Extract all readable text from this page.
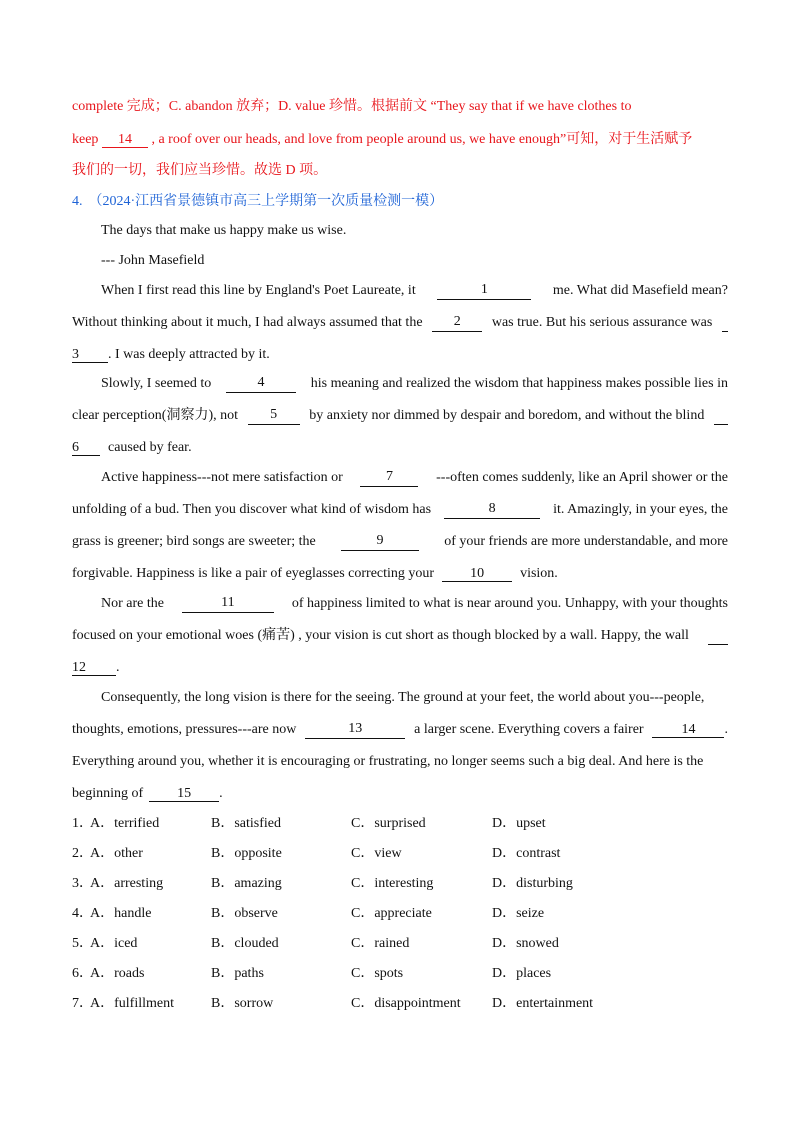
complete 完成；C. abandon 放弃；D. value 珍惜。根据前文 “They say that if we have clothes to
keep 14 , a roof over our heads, and love from people around us, we have enough”可知，对于生活赋予
我们的一切，我们应当珍惜。故选 D 项。
4. （2024·江西省景德镇市高三上学期第一次质量检测一模）
The days that make us happy make us wise.
--- John Masefield
When I first read this line by England's Poet Laureate, it	1	me. What did Masefield mean?
Without thinking about it much, I had always assumed that the	2	was true. But his serious assurance was
3 . I was deeply attracted by it.
Slowly, I seemed to	4	his meaning and realized the wisdom that happiness makes possible lies in
clear perception(洞察力), not	5	by anxiety nor dimmed by despair and boredom, and without the blind
6 caused by fear.
Active happiness---not mere satisfaction or	7	---often comes suddenly, like an April shower or the
unfolding of a bud. Then you discover what kind of wisdom has	8	it. Amazingly, in your eyes, the
grass is greener; bird songs are sweeter; the	9	of your friends are more understandable, and more
forgivable. Happiness is like a pair of eyeglasses correcting your	10	vision.
Nor are the	11	of happiness limited to what is near around you. Unhappy, with your thoughts
focused on your emotional woes (痛苦) , your vision is cut short as though blocked by a wall. Happy, the wall
12 .
Consequently, the long vision is there for the seeing. The ground at your feet, the world about you---people,
thoughts, emotions, pressures---are now	13	a larger scene. Everything covers a fairer	14 .
Everything around you, whether it is encouraging or frustrating, no longer seems such a big deal. And here is the
beginning of 15 .
1．
A．terrified	B．satisfied	C．surprised	D．upset
2．
A．other	B．opposite	C．view	D．contrast
3．
A．arresting	B．amazing	C．interesting	D．disturbing
4．
A．handle	B．observe	C．appreciate	D．seize
5．
A．iced	B．clouded	C．rained	D．snowed
6．
A．roads	B．paths	C．spots	D．places
7．
A．fulfillment	B．sorrow	C．disappointment D．entertainment
